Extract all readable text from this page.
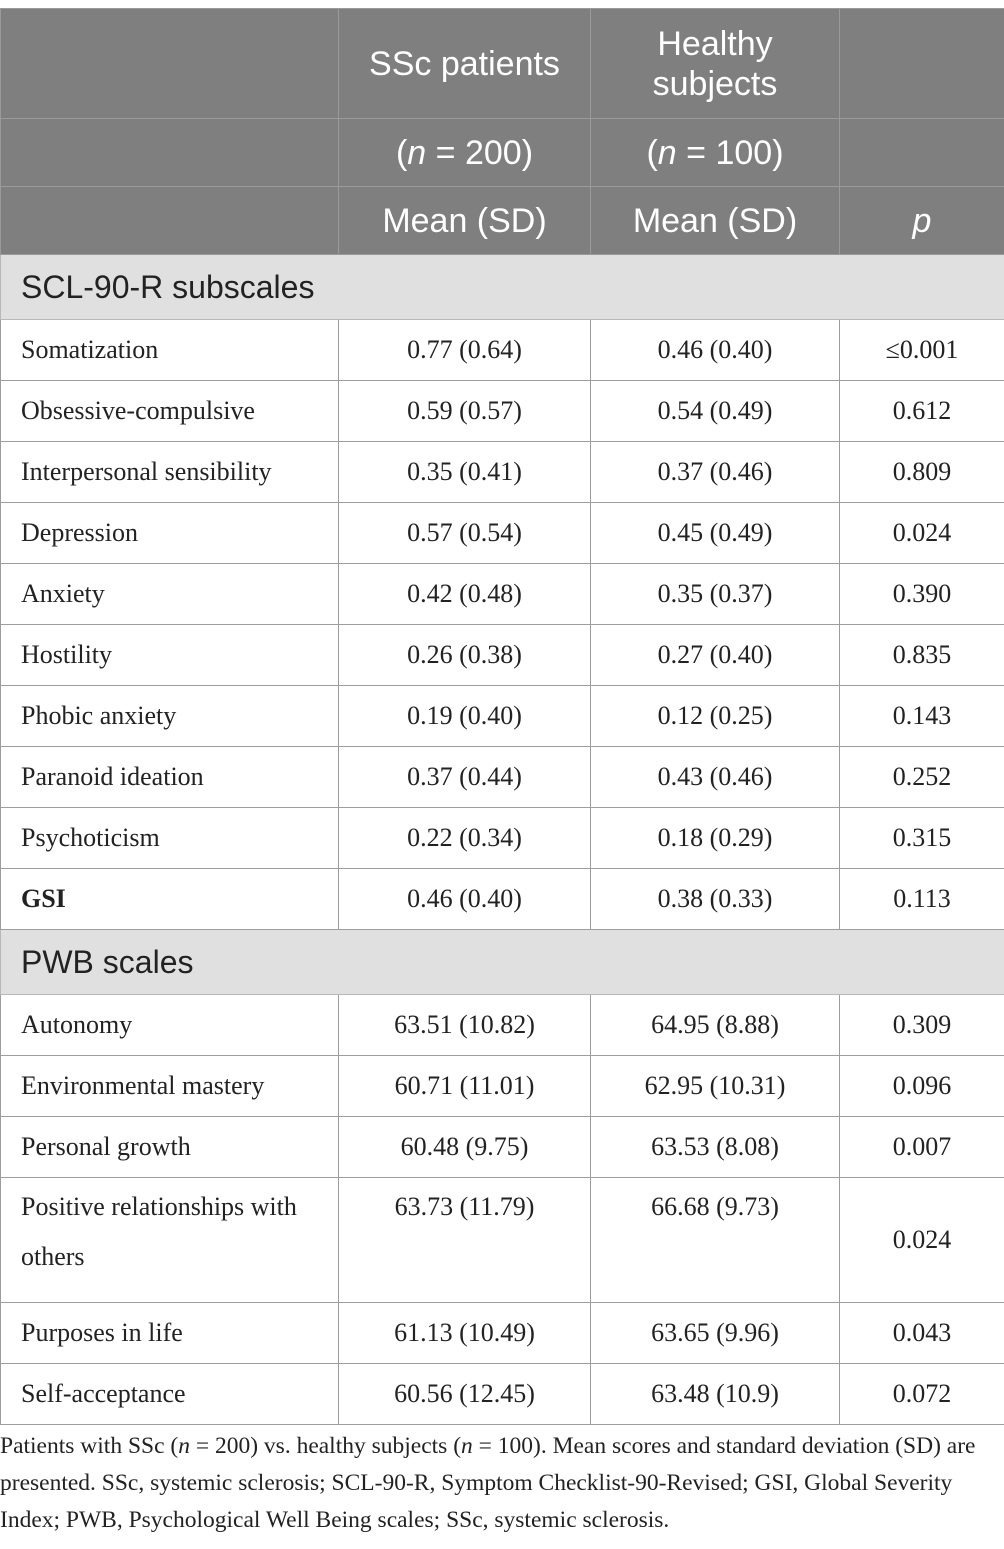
	SSc patients	Healthy subjects	
	(n = 200)	(n = 100)	
	Mean (SD)	Mean (SD)	p
SCL-90-R subscales			
Somatization	0.77 (0.64)	0.46 (0.40)	≤0.001
Obsessive-compulsive	0.59 (0.57)	0.54 (0.49)	0.612
Interpersonal sensibility	0.35 (0.41)	0.37 (0.46)	0.809
Depression	0.57 (0.54)	0.45 (0.49)	0.024
Anxiety	0.42 (0.48)	0.35 (0.37)	0.390
Hostility	0.26 (0.38)	0.27 (0.40)	0.835
Phobic anxiety	0.19 (0.40)	0.12 (0.25)	0.143
Paranoid ideation	0.37 (0.44)	0.43 (0.46)	0.252
Psychoticism	0.22 (0.34)	0.18 (0.29)	0.315
GSI	0.46 (0.40)	0.38 (0.33)	0.113
PWB scales			
Autonomy	63.51 (10.82)	64.95 (8.88)	0.309
Environmental mastery	60.71 (11.01)	62.95 (10.31)	0.096
Personal growth	60.48 (9.75)	63.53 (8.08)	0.007
Positive relationships with others	63.73 (11.79)	66.68 (9.73)	0.024
Purposes in life	61.13 (10.49)	63.65 (9.96)	0.043
Self-acceptance	60.56 (12.45)	63.48 (10.9)	0.072
Patients with SSc (n = 200) vs. healthy subjects (n = 100). Mean scores and standard deviation (SD) are presented. SSc, systemic sclerosis; SCL-90-R, Symptom Checklist-90-Revised; GSI, Global Severity Index; PWB, Psychological Well Being scales; SSc, systemic sclerosis.
